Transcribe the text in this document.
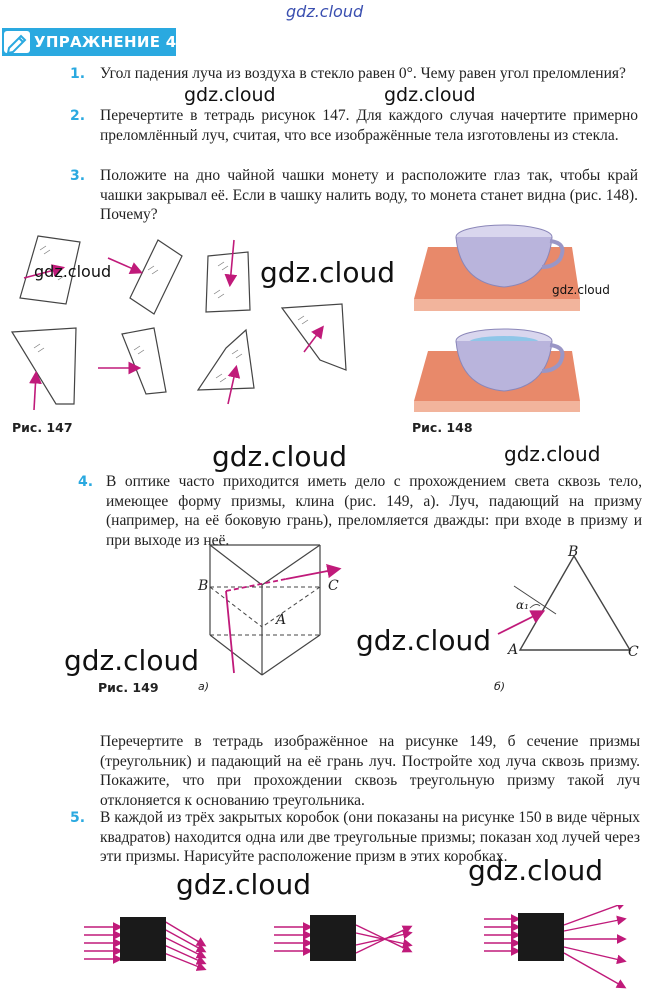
gdz.cloud
УПРАЖНЕНИЕ 47
1. Угол падения луча из воздуха в стекло равен 0°. Чему равен угол преломления?
2. Перечертите в тетрадь рисунок 147. Для каждого случая начертите примерно преломлённый луч, считая, что все изображённые тела изготовлены из стекла.
3. Положите на дно чайной чашки монету и расположите глаз так, чтобы край чашки закрывал её. Если в чашку налить воду, то монета станет видна (рис. 148). Почему?
Рис. 147	Рис. 148
4. В оптике часто приходится иметь дело с прохождением света сквозь тело, имеющее форму призмы, клина (рис. 149, а). Луч, падающий на призму (например, на её боковую грань), преломляется дважды: при входе в призму и при выходе из неё.
B	C
A
Рис. 149	а)
B
C
A
α₁
б)
Перечертите в тетрадь изображённое на рисунке 149, б сечение призмы (треугольник) и падающий на её грань луч. Постройте ход луча сквозь призму. Покажите, что при прохождении сквозь треугольную призму такой луч отклоняется к основанию треугольника.
5. В каждой из трёх закрытых коробок (они показаны на рисунке 150 в виде чёрных квадратов) находится одна или две треугольные призмы; показан ход лучей через эти призмы. Нарисуйте расположение призм в этих коробках.
gdz.cloud	gdz.cloud
gdz.cloud	gdz.cloud
gdz.cloud
gdz.cloud	gdz.cloud
gdz.cloud
gdz.cloud
gdz.cloud	gdz.cloud
